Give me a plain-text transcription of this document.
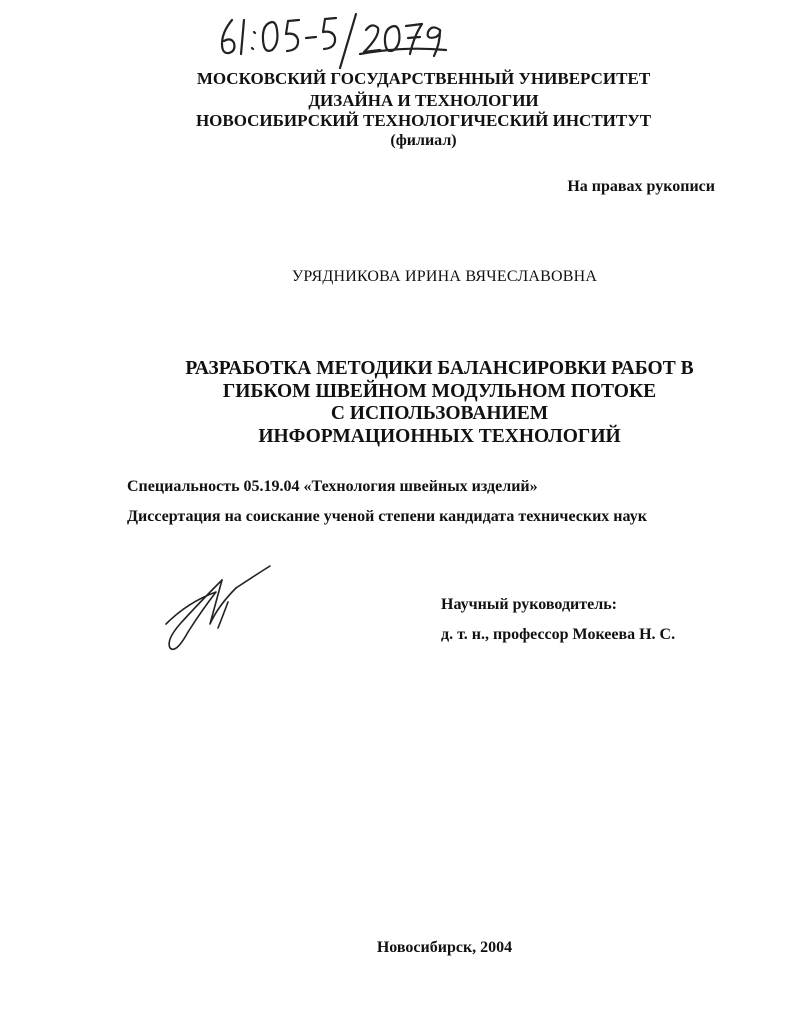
МОСКОВСКИЙ ГОСУДАРСТВЕННЫЙ УНИВЕРСИТЕТ
ДИЗАЙНА И ТЕХНОЛОГИИ
НОВОСИБИРСКИЙ ТЕХНОЛОГИЧЕСКИЙ ИНСТИТУТ
(филиал)
На правах рукописи
УРЯДНИКОВА ИРИНА ВЯЧЕСЛАВОВНА
РАЗРАБОТКА МЕТОДИКИ БАЛАНСИРОВКИ РАБОТ В
ГИБКОМ ШВЕЙНОМ МОДУЛЬНОМ ПОТОКЕ
С ИСПОЛЬЗОВАНИЕМ
ИНФОРМАЦИОННЫХ ТЕХНОЛОГИЙ
Специальность 05.19.04 «Технология швейных изделий»
Диссертация на соискание ученой степени кандидата технических наук
Научный руководитель:
д. т. н., профессор Мокеева Н. С.
Новосибирск, 2004
